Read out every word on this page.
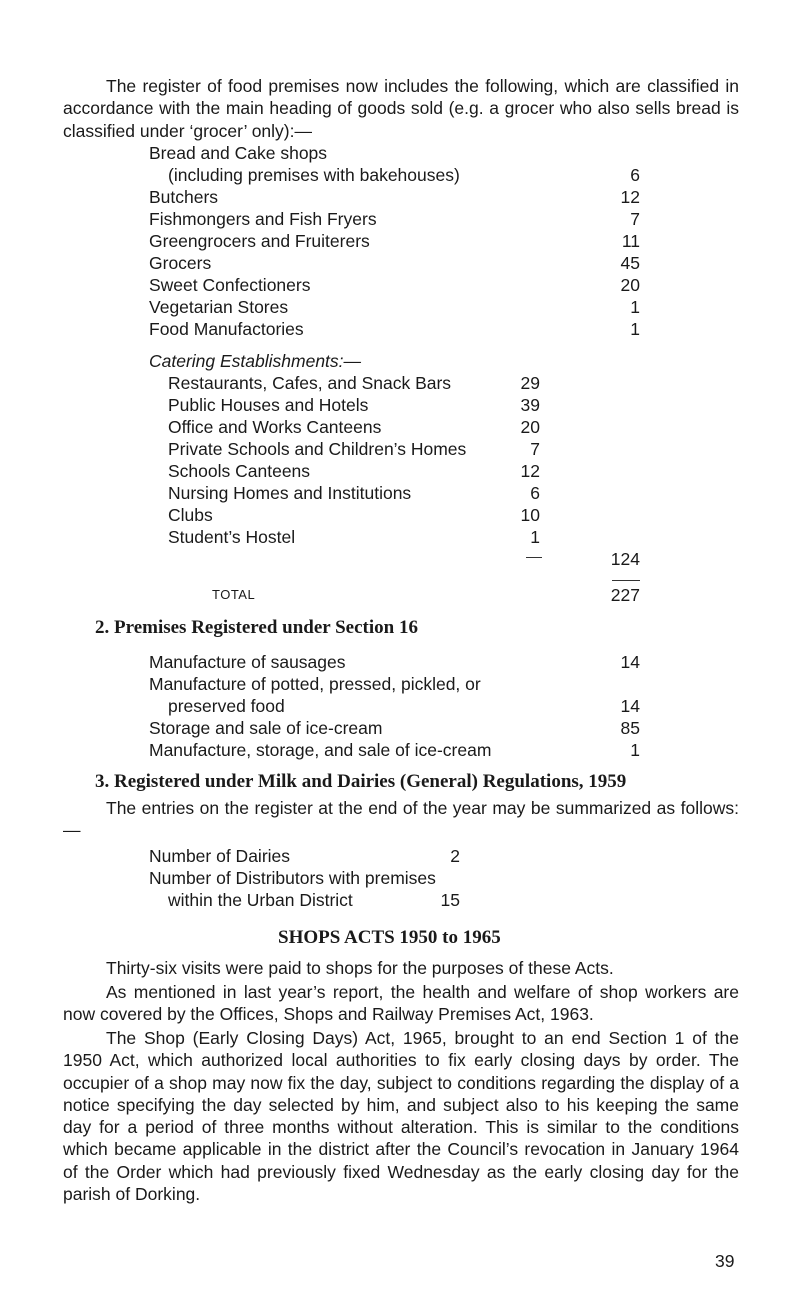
The register of food premises now includes the following, which are classified in accordance with the main heading of goods sold (e.g. a grocer who also sells bread is classified under ‘grocer’ only):—
Bread and Cake shops
(including premises with bakehouses)	6
Butchers	12
Fishmongers and Fish Fryers	7
Greengrocers and Fruiterers	11
Grocers	45
Sweet Confectioners	20
Vegetarian Stores	1
Food Manufactories	1
Catering Establishments:—
Restaurants, Cafes, and Snack Bars	29
Public Houses and Hotels	39
Office and Works Canteens	20
Private Schools and Children’s Homes	7
Schools Canteens	12
Nursing Homes and Institutions	6
Clubs	10
Student’s Hostel	1
124
TOTAL	227
2. Premises Registered under Section 16
Manufacture of sausages	14
Manufacture of potted, pressed, pickled, or
preserved food	14
Storage and sale of ice-cream	85
Manufacture, storage, and sale of ice-cream	1
3. Registered under Milk and Dairies (General) Regulations, 1959
The entries on the register at the end of the year may be summarized as follows:—
Number of Dairies	2
Number of Distributors with premises
within the Urban District	15
SHOPS ACTS 1950 to 1965
Thirty-six visits were paid to shops for the purposes of these Acts.
As mentioned in last year’s report, the health and welfare of shop workers are now covered by the Offices, Shops and Railway Premises Act, 1963.
The Shop (Early Closing Days) Act, 1965, brought to an end Section 1 of the 1950 Act, which authorized local authorities to fix early closing days by order. The occupier of a shop may now fix the day, subject to conditions regarding the display of a notice specifying the day selected by him, and subject also to his keeping the same day for a period of three months without alteration. This is similar to the conditions which became applicable in the district after the Council’s revocation in January 1964 of the Order which had previously fixed Wednesday as the early closing day for the parish of Dorking.
39
